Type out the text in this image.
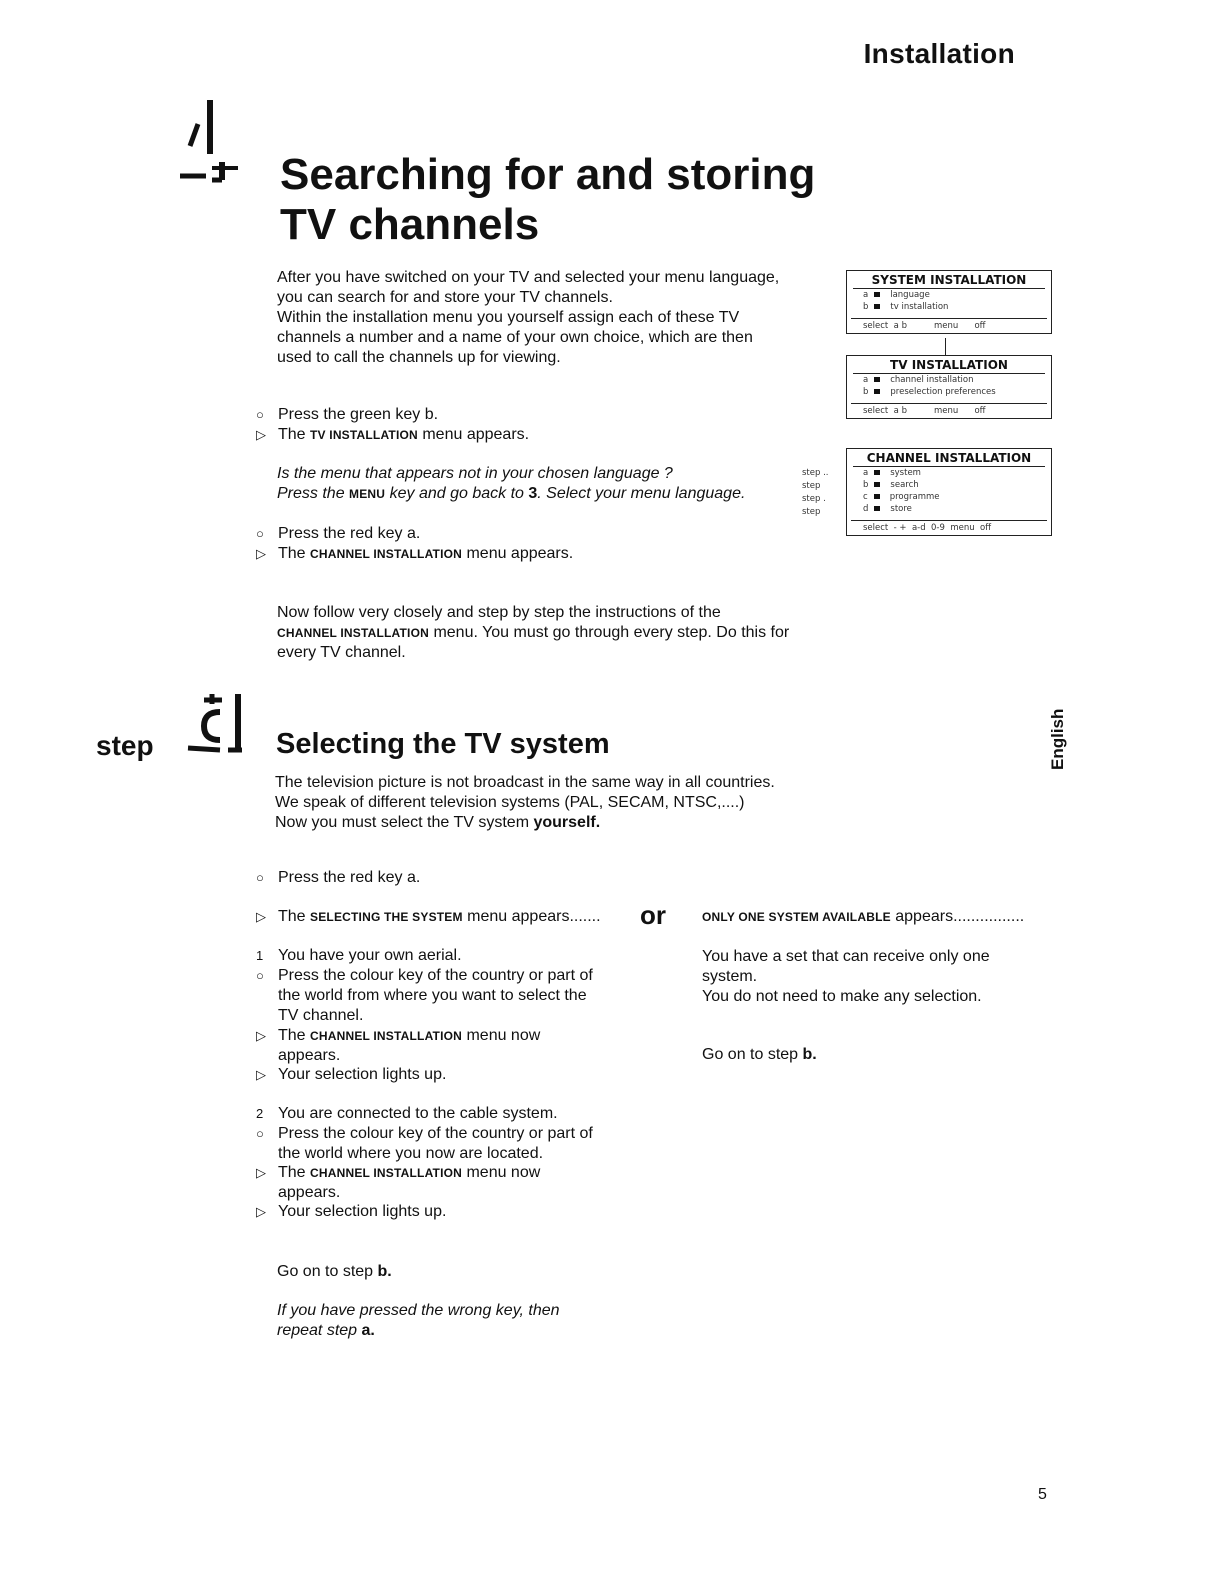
Installation
Searching for and storing
TV channels
After you have switched on your TV and selected your menu language,
you can search for and store your TV channels.
Within the installation menu you yourself assign each of these TV
channels a number and a name of your own choice, which are then
used to call the channels up for viewing.
○ Press the green key b.
▷ The TV INSTALLATION menu appears.
Is the menu that appears not in your chosen language ?
Press the MENU key and go back to 3. Select your menu language.
○ Press the red key a.
▷ The CHANNEL INSTALLATION menu appears.
Now follow very closely and step by step the instructions of the
CHANNEL INSTALLATION menu. You must go through every step. Do this for
every TV channel.
SYSTEM INSTALLATION
a	language
b	tv installation
select  a b          menu      off
TV INSTALLATION
a	channel installation
b	preselection preferences
select  a b          menu      off
CHANNEL INSTALLATION
a	system
b	search
c	programme
d	store
select  - +  a-d  0-9  menu  off
step ..
step
step .
step
step	Selecting the TV system	English
The television picture is not broadcast in the same way in all countries.
We speak of different television systems (PAL, SECAM, NTSC,....)
Now you must select the TV system yourself.
○ Press the red key a.
▷ The SELECTING THE SYSTEM menu appears....... or	ONLY ONE SYSTEM AVAILABLE appears................
1 You have your own aerial.
○ Press the colour key of the country or part of
the world from where you want to select the
TV channel.
▷ The CHANNEL INSTALLATION menu now
appears.
▷ Your selection lights up.
You have a set that can receive only one
system.
You do not need to make any selection.
Go on to step b.
2 You are connected to the cable system.
○ Press the colour key of the country or part of
the world where you now are located.
▷ The CHANNEL INSTALLATION menu now
appears.
▷ Your selection lights up.
Go on to step b.
If you have pressed the wrong key, then
repeat step a.
5
